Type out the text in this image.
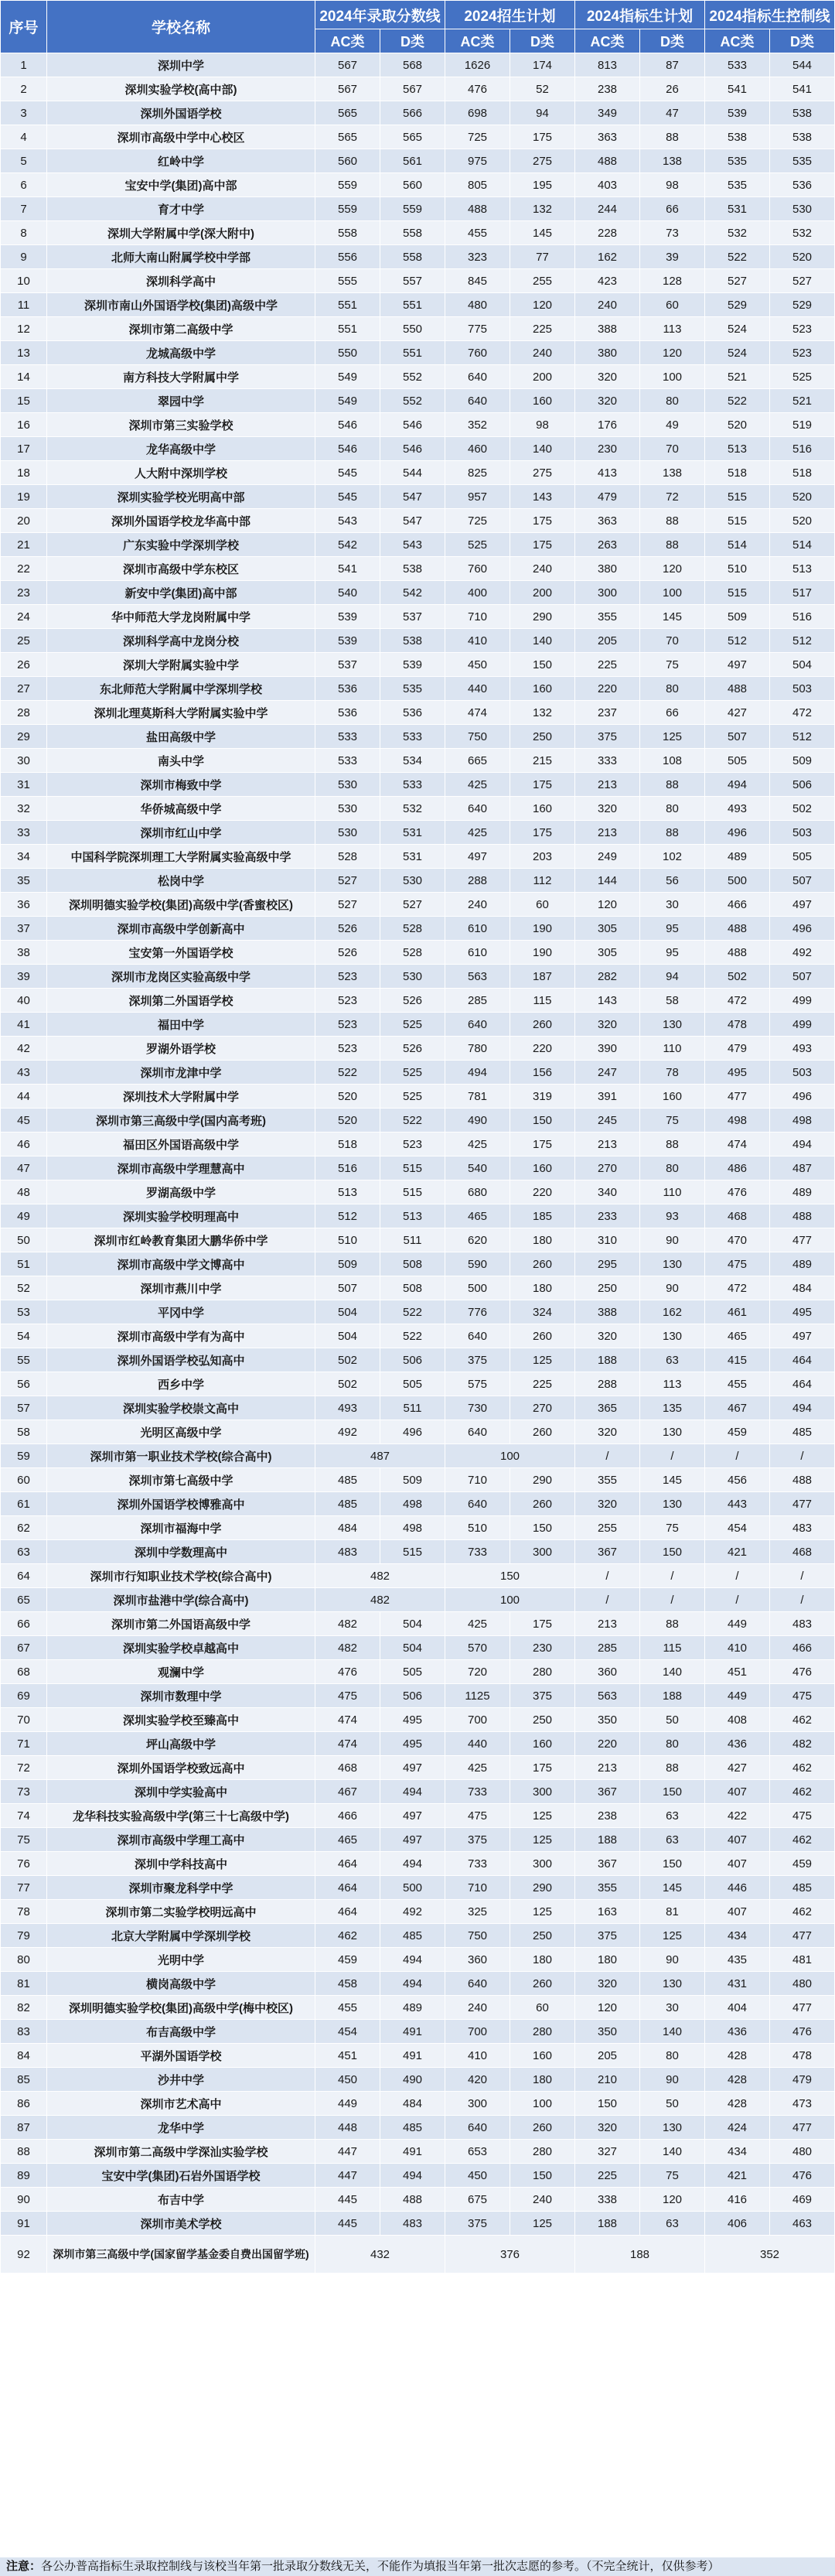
序号	学校名称	2024年录取分数线		2024招生计划		2024指标生计划		2024指标生控制线	
		AC类	D类	AC类	D类	AC类	D类	AC类	D类
1	深圳中学	567	568	1626	174	813	87	533	544
2	深圳实验学校(高中部)	567	567	476	52	238	26	541	541
3	深圳外国语学校	565	566	698	94	349	47	539	538
4	深圳市高级中学中心校区	565	565	725	175	363	88	538	538
5	红岭中学	560	561	975	275	488	138	535	535
6	宝安中学(集团)高中部	559	560	805	195	403	98	535	536
7	育才中学	559	559	488	132	244	66	531	530
8	深圳大学附属中学(深大附中)	558	558	455	145	228	73	532	532
9	北师大南山附属学校中学部	556	558	323	77	162	39	522	520
10	深圳科学高中	555	557	845	255	423	128	527	527
11	深圳市南山外国语学校(集团)高级中学	551	551	480	120	240	60	529	529
12	深圳市第二高级中学	551	550	775	225	388	113	524	523
13	龙城高级中学	550	551	760	240	380	120	524	523
14	南方科技大学附属中学	549	552	640	200	320	100	521	525
15	翠园中学	549	552	640	160	320	80	522	521
16	深圳市第三实验学校	546	546	352	98	176	49	520	519
17	龙华高级中学	546	546	460	140	230	70	513	516
18	人大附中深圳学校	545	544	825	275	413	138	518	518
19	深圳实验学校光明高中部	545	547	957	143	479	72	515	520
20	深圳外国语学校龙华高中部	543	547	725	175	363	88	515	520
21	广东实验中学深圳学校	542	543	525	175	263	88	514	514
22	深圳市高级中学东校区	541	538	760	240	380	120	510	513
23	新安中学(集团)高中部	540	542	400	200	300	100	515	517
24	华中师范大学龙岗附属中学	539	537	710	290	355	145	509	516
25	深圳科学高中龙岗分校	539	538	410	140	205	70	512	512
26	深圳大学附属实验中学	537	539	450	150	225	75	497	504
27	东北师范大学附属中学深圳学校	536	535	440	160	220	80	488	503
28	深圳北理莫斯科大学附属实验中学	536	536	474	132	237	66	427	472
29	盐田高级中学	533	533	750	250	375	125	507	512
30	南头中学	533	534	665	215	333	108	505	509
31	深圳市梅致中学	530	533	425	175	213	88	494	506
32	华侨城高级中学	530	532	640	160	320	80	493	502
33	深圳市红山中学	530	531	425	175	213	88	496	503
34	中国科学院深圳理工大学附属实验高级中学	528	531	497	203	249	102	489	505
35	松岗中学	527	530	288	112	144	56	500	507
36	深圳明德实验学校(集团)高级中学(香蜜校区)	527	527	240	60	120	30	466	497
37	深圳市高级中学创新高中	526	528	610	190	305	95	488	496
38	宝安第一外国语学校	526	528	610	190	305	95	488	492
39	深圳市龙岗区实验高级中学	523	530	563	187	282	94	502	507
40	深圳第二外国语学校	523	526	285	115	143	58	472	499
41	福田中学	523	525	640	260	320	130	478	499
42	罗湖外语学校	523	526	780	220	390	110	479	493
43	深圳市龙津中学	522	525	494	156	247	78	495	503
44	深圳技术大学附属中学	520	525	781	319	391	160	477	496
45	深圳市第三高级中学(国内高考班)	520	522	490	150	245	75	498	498
46	福田区外国语高级中学	518	523	425	175	213	88	474	494
47	深圳市高级中学理慧高中	516	515	540	160	270	80	486	487
48	罗湖高级中学	513	515	680	220	340	110	476	489
49	深圳实验学校明理高中	512	513	465	185	233	93	468	488
50	深圳市红岭教育集团大鹏华侨中学	510	511	620	180	310	90	470	477
51	深圳市高级中学文博高中	509	508	590	260	295	130	475	489
52	深圳市燕川中学	507	508	500	180	250	90	472	484
53	平冈中学	504	522	776	324	388	162	461	495
54	深圳市高级中学有为高中	504	522	640	260	320	130	465	497
55	深圳外国语学校弘知高中	502	506	375	125	188	63	415	464
56	西乡中学	502	505	575	225	288	113	455	464
57	深圳实验学校崇文高中	493	511	730	270	365	135	467	494
58	光明区高级中学	492	496	640	260	320	130	459	485
59	深圳市第一职业技术学校(综合高中)	487		100		/	/	/	/
60	深圳市第七高级中学	485	509	710	290	355	145	456	488
61	深圳外国语学校博雅高中	485	498	640	260	320	130	443	477
62	深圳市福海中学	484	498	510	150	255	75	454	483
63	深圳中学数理高中	483	515	733	300	367	150	421	468
64	深圳市行知职业技术学校(综合高中)	482		150		/	/	/	/
65	深圳市盐港中学(综合高中)	482		100		/	/	/	/
66	深圳市第二外国语高级中学	482	504	425	175	213	88	449	483
67	深圳实验学校卓越高中	482	504	570	230	285	115	410	466
68	观澜中学	476	505	720	280	360	140	451	476
69	深圳市数理中学	475	506	1125	375	563	188	449	475
70	深圳实验学校至臻高中	474	495	700	250	350	50	408	462
71	坪山高级中学	474	495	440	160	220	80	436	482
72	深圳外国语学校致远高中	468	497	425	175	213	88	427	462
73	深圳中学实验高中	467	494	733	300	367	150	407	462
74	龙华科技实验高级中学(第三十七高级中学)	466	497	475	125	238	63	422	475
75	深圳市高级中学理工高中	465	497	375	125	188	63	407	462
76	深圳中学科技高中	464	494	733	300	367	150	407	459
77	深圳市聚龙科学中学	464	500	710	290	355	145	446	485
78	深圳市第二实验学校明远高中	464	492	325	125	163	81	407	462
79	北京大学附属中学深圳学校	462	485	750	250	375	125	434	477
80	光明中学	459	494	360	180	180	90	435	481
81	横岗高级中学	458	494	640	260	320	130	431	480
82	深圳明德实验学校(集团)高级中学(梅中校区)	455	489	240	60	120	30	404	477
83	布吉高级中学	454	491	700	280	350	140	436	476
84	平湖外国语学校	451	491	410	160	205	80	428	478
85	沙井中学	450	490	420	180	210	90	428	479
86	深圳市艺术高中	449	484	300	100	150	50	428	473
87	龙华中学	448	485	640	260	320	130	424	477
88	深圳市第二高级中学深汕实验学校	447	491	653	280	327	140	434	480
89	宝安中学(集团)石岩外国语学校	447	494	450	150	225	75	421	476
90	布吉中学	445	488	675	240	338	120	416	469
91	深圳市美术学校	445	483	375	125	188	63	406	463
92	深圳市第三高级中学(国家留学基金委自费出国留学班)	432		376		188		352	
注意：各公办普高指标生录取控制线与该校当年第一批录取分数线无关，不能作为填报当年第一批次志愿的参考。（不完全统计，仅供参考）
